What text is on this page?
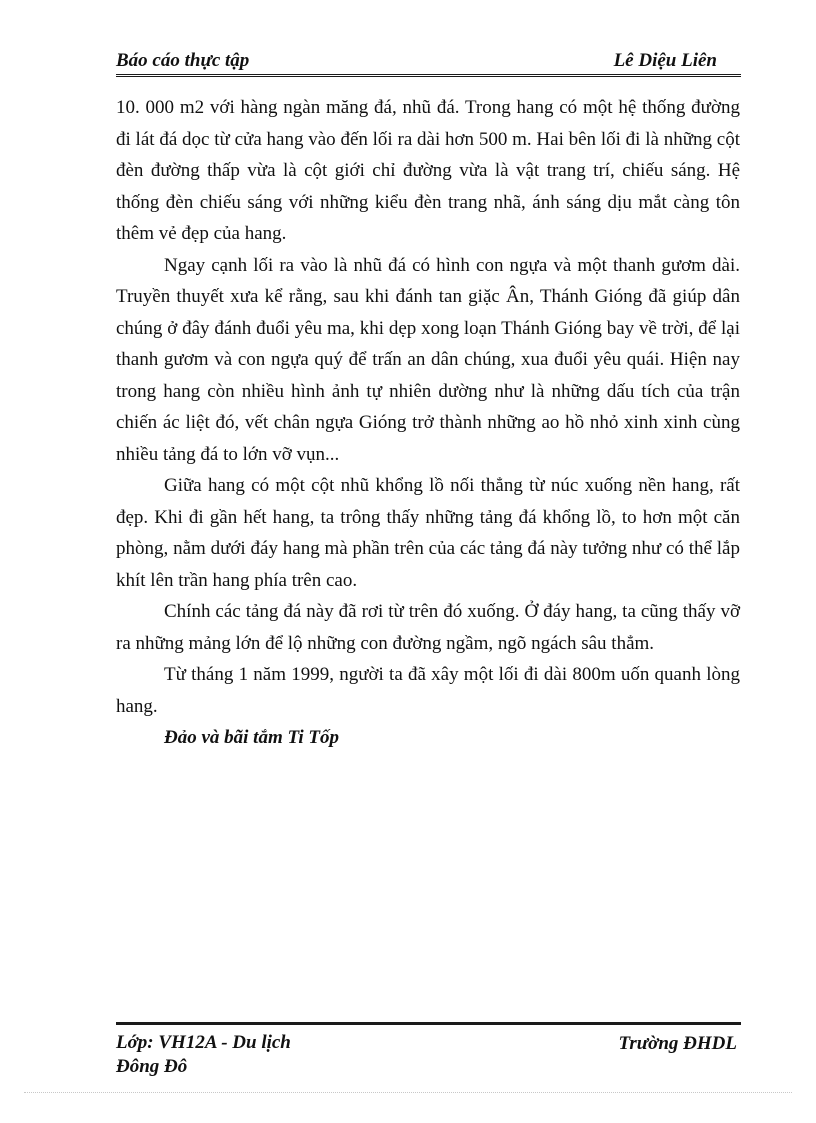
Báo cáo thực tập	Lê Diệu Liên

10. 000 m2 với hàng ngàn măng đá, nhũ đá. Trong hang có một hệ thống đường đi lát đá dọc từ cửa hang vào đến lối ra dài hơn 500 m. Hai bên lối đi là những cột đèn đường thấp vừa là cột giới chỉ đường vừa là vật trang trí, chiếu sáng. Hệ thống đèn chiếu sáng với những kiểu đèn trang nhã, ánh sáng dịu mắt càng tôn thêm vẻ đẹp của hang.

Ngay cạnh lối ra vào là nhũ đá có hình con ngựa và một thanh gươm dài. Truyền thuyết xưa kể rằng, sau khi đánh tan giặc Ân, Thánh Gióng đã giúp dân chúng ở đây đánh đuổi yêu ma, khi dẹp xong loạn Thánh Gióng bay về trời, để lại thanh gươm và con ngựa quý để trấn an dân chúng, xua đuổi yêu quái. Hiện nay trong hang còn nhiều hình ảnh tự nhiên dường như là những dấu tích của trận chiến ác liệt đó, vết chân ngựa Gióng trở thành những ao hồ nhỏ xinh xinh cùng nhiều tảng đá to lớn vỡ vụn...

Giữa hang có một cột nhũ khổng lồ nối thẳng từ núc xuống nền hang, rất đẹp. Khi đi gần hết hang, ta trông thấy những tảng đá khổng lồ, to hơn một căn phòng, nằm dưới đáy hang mà phần trên của các tảng đá này tưởng như có thể lắp khít lên trần hang phía trên cao.

Chính các tảng đá này đã rơi từ trên đó xuống. Ở đáy hang, ta cũng thấy vỡ ra những mảng lớn để lộ những con đường ngầm, ngõ ngách sâu thẳm.

Từ tháng 1 năm 1999, người ta đã xây một lối đi dài 800m uốn quanh lòng hang.

Đảo và bãi tắm Ti Tốp

Lớp: VH12A - Du lịch
Đông Đô
Trường ĐHDL
